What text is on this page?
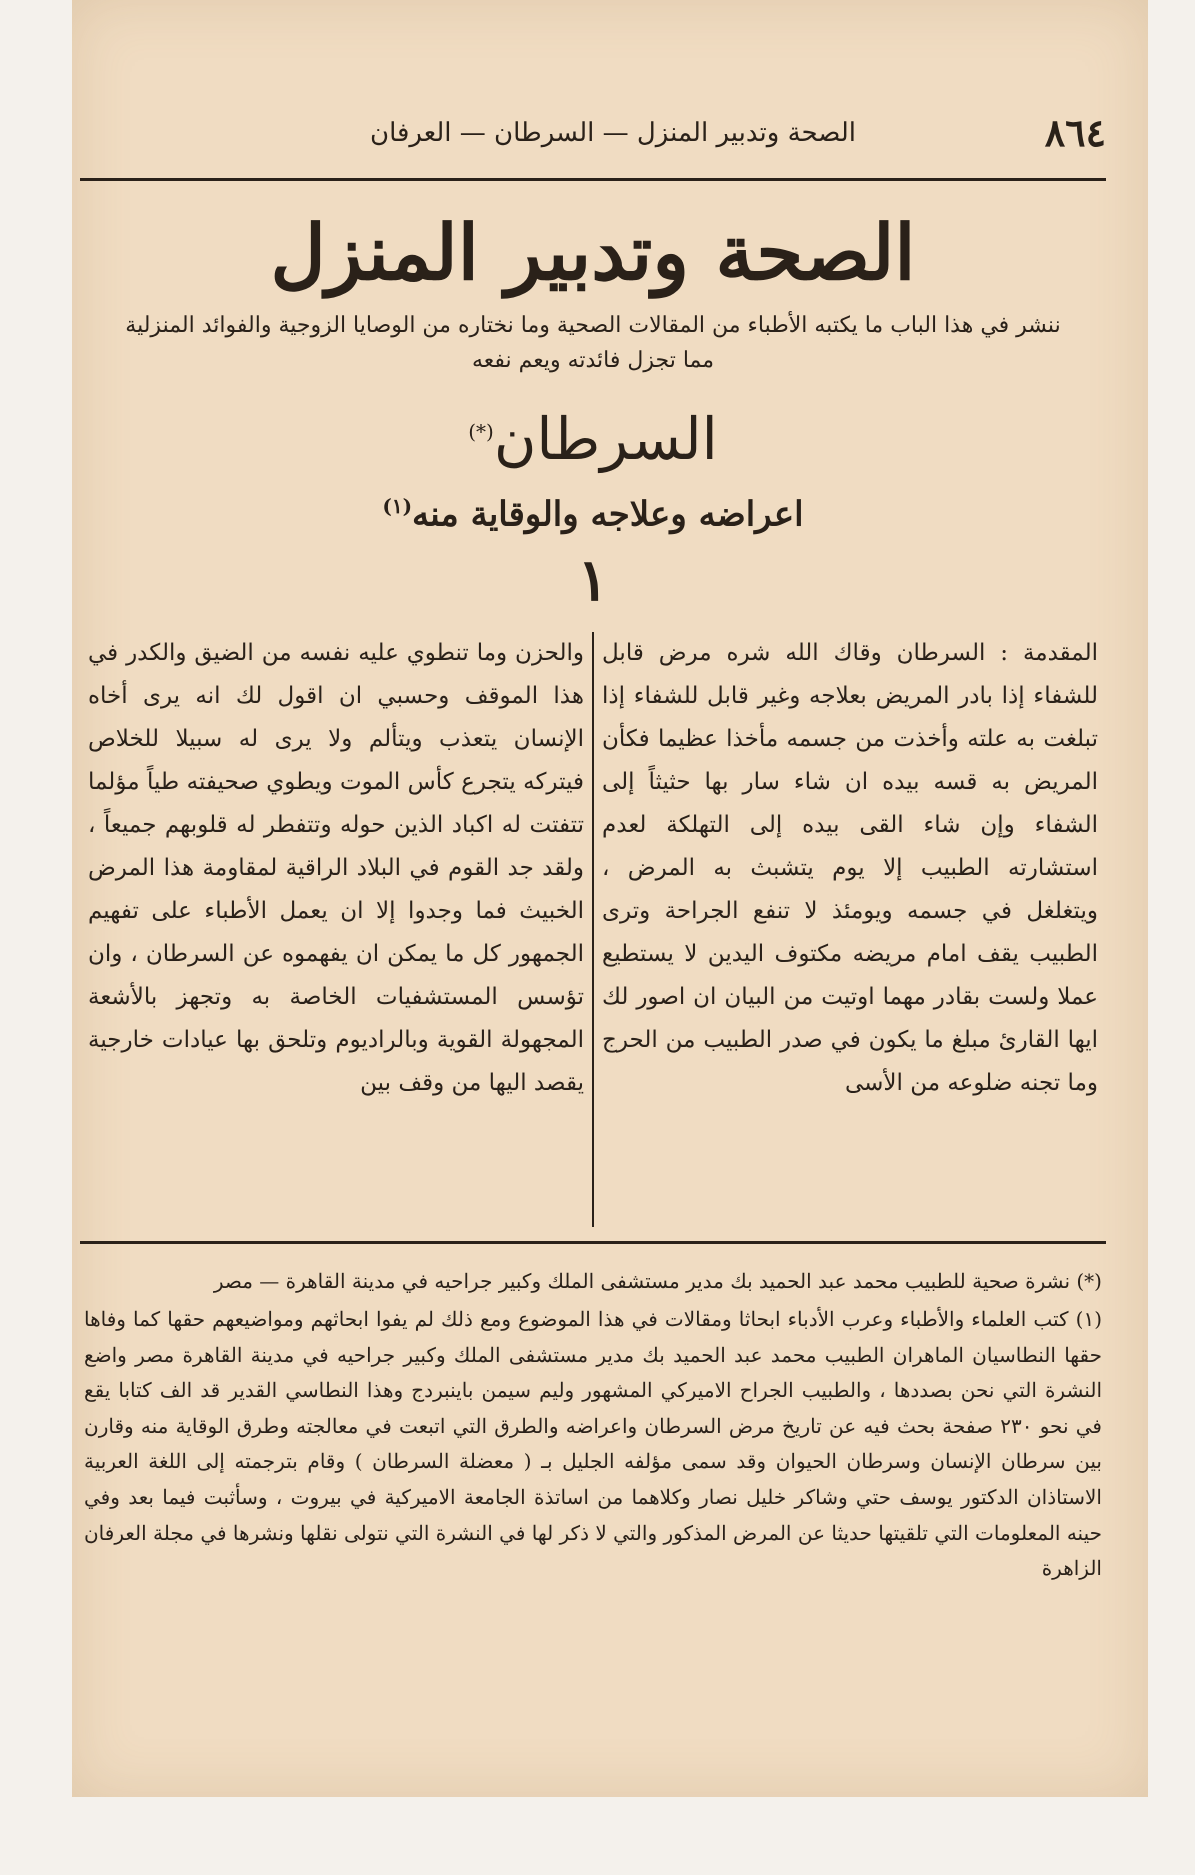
٨٦٤
الصحة وتدبير المنزل — السرطان — العرفان
الصحة وتدبير المنزل
ننشر في هذا الباب ما يكتبه الأطباء من المقالات الصحية وما نختاره من الوصايا الزوجية والفوائد المنزلية مما تجزل فائدته ويعم نفعه
السرطان(*)
اعراضه وعلاجه والوقاية منه$^{(١)}$
١
المقدمة : السرطان وقاك الله شره مرض قابل للشفاء إذا بادر المريض بعلاجه وغير قابل للشفاء إذا تبلغت به علته وأخذت من جسمه مأخذا عظيما فكأن المريض به قسه بيده ان شاء سار بها حثيثاً إلى الشفاء وإن شاء القى بيده إلى التهلكة لعدم استشارته الطبيب إلا يوم يتشبث به المرض ، ويتغلغل في جسمه ويومئذ لا تنفع الجراحة وترى الطبيب يقف امام مريضه مكتوف اليدين لا يستطيع عملا ولست بقادر مهما اوتيت من البيان ان اصور لك ايها القارئ مبلغ ما يكون في صدر الطبيب من الحرج وما تجنه ضلوعه من الأسى
والحزن وما تنطوي عليه نفسه من الضيق والكدر في هذا الموقف وحسبي ان اقول لك انه يرى أخاه الإنسان يتعذب ويتألم ولا يرى له سبيلا للخلاص فيتركه يتجرع كأس الموت ويطوي صحيفته طياً مؤلما تتفتت له اكباد الذين حوله وتتفطر له قلوبهم جميعاً ، ولقد جد القوم في البلاد الراقية لمقاومة هذا المرض الخبيث فما وجدوا إلا ان يعمل الأطباء على تفهيم الجمهور كل ما يمكن ان يفهموه عن السرطان ، وان تؤسس المستشفيات الخاصة به وتجهز بالأشعة المجهولة القوية وبالراديوم وتلحق بها عيادات خارجية يقصد اليها من وقف بين
(*) نشرة صحية للطبيب محمد عبد الحميد بك مدير مستشفى الملك وكبير جراحيه في مدينة القاهرة — مصر
(١) كتب العلماء والأطباء وعرب الأدباء ابحاثا ومقالات في هذا الموضوع ومع ذلك لم يفوا ابحاثهم ومواضيعهم حقها كما وفاها حقها النطاسيان الماهران الطبيب محمد عبد الحميد بك مدير مستشفى الملك وكبير جراحيه في مدينة القاهرة مصر واضع النشرة التي نحن بصددها ، والطبيب الجراح الاميركي المشهور وليم سيمن باينبردج وهذا النطاسي القدير قد الف كتابا يقع في نحو ٢٣٠ صفحة بحث فيه عن تاريخ مرض السرطان واعراضه والطرق التي اتبعت في معالجته وطرق الوقاية منه وقارن بين سرطان الإنسان وسرطان الحيوان وقد سمى مؤلفه الجليل بـ ( معضلة السرطان ) وقام بترجمته إلى اللغة العربية الاستاذان الدكتور يوسف حتي وشاكر خليل نصار وكلاهما من اساتذة الجامعة الاميركية في بيروت ، وسأثبت فيما بعد وفي حينه المعلومات التي تلقيتها حديثا عن المرض المذكور والتي لا ذكر لها في النشرة التي نتولى نقلها ونشرها في مجلة العرفان الزاهرة
